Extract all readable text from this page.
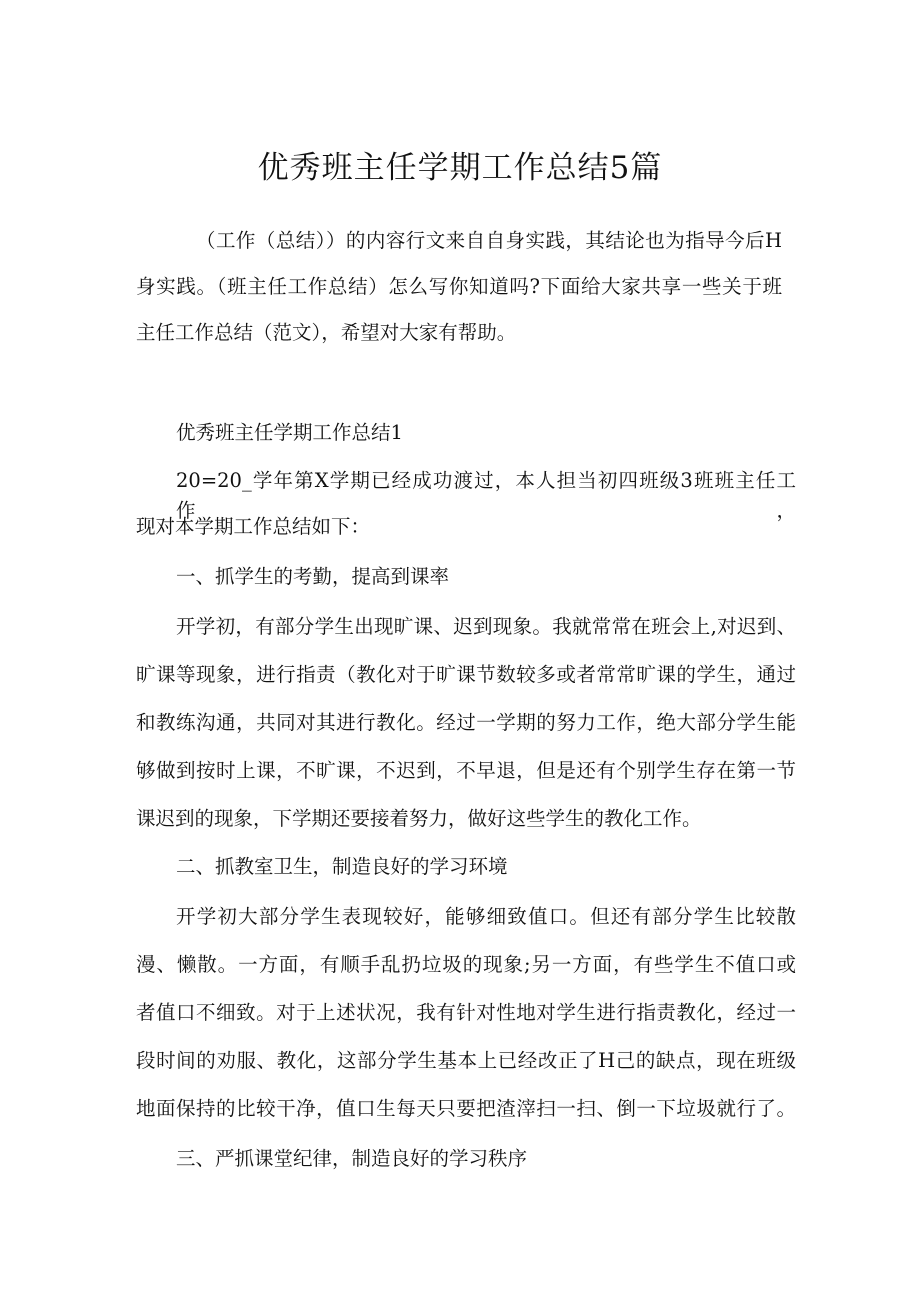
优秀班主任学期工作总结5篇
（工作（总结））的内容行文来自自身实践，其结论也为指导今后H
身实践。（班主任工作总结）怎么写你知道吗?下面给大家共享一些关于班
主任工作总结（范文），希望对大家有帮助。
优秀班主任学期工作总结1
20=20_学年第X学期已经成功渡过，本人担当初四班级3班班主任工作，
现对本学期工作总结如下：
一、抓学生的考勤，提高到课率
开学初，有部分学生出现旷课、迟到现象。我就常常在班会上,对迟到、
旷课等现象，进行指责（教化对于旷课节数较多或者常常旷课的学生，通过
和教练沟通，共同对其进行教化。经过一学期的努力工作，绝大部分学生能
够做到按时上课，不旷课，不迟到，不早退，但是还有个别学生存在第一节
课迟到的现象，下学期还要接着努力，做好这些学生的教化工作。
二、抓教室卫生，制造良好的学习环境
开学初大部分学生表现较好，能够细致值口。但还有部分学生比较散
漫、懒散。一方面，有顺手乱扔垃圾的现象;另一方面，有些学生不值口或
者值口不细致。对于上述状况，我有针对性地对学生进行指责教化，经过一
段时间的劝服、教化，这部分学生基本上已经改正了H己的缺点，现在班级
地面保持的比较干净，值口生每天只要把渣滓扫一扫、倒一下垃圾就行了。
三、严抓课堂纪律，制造良好的学习秩序
